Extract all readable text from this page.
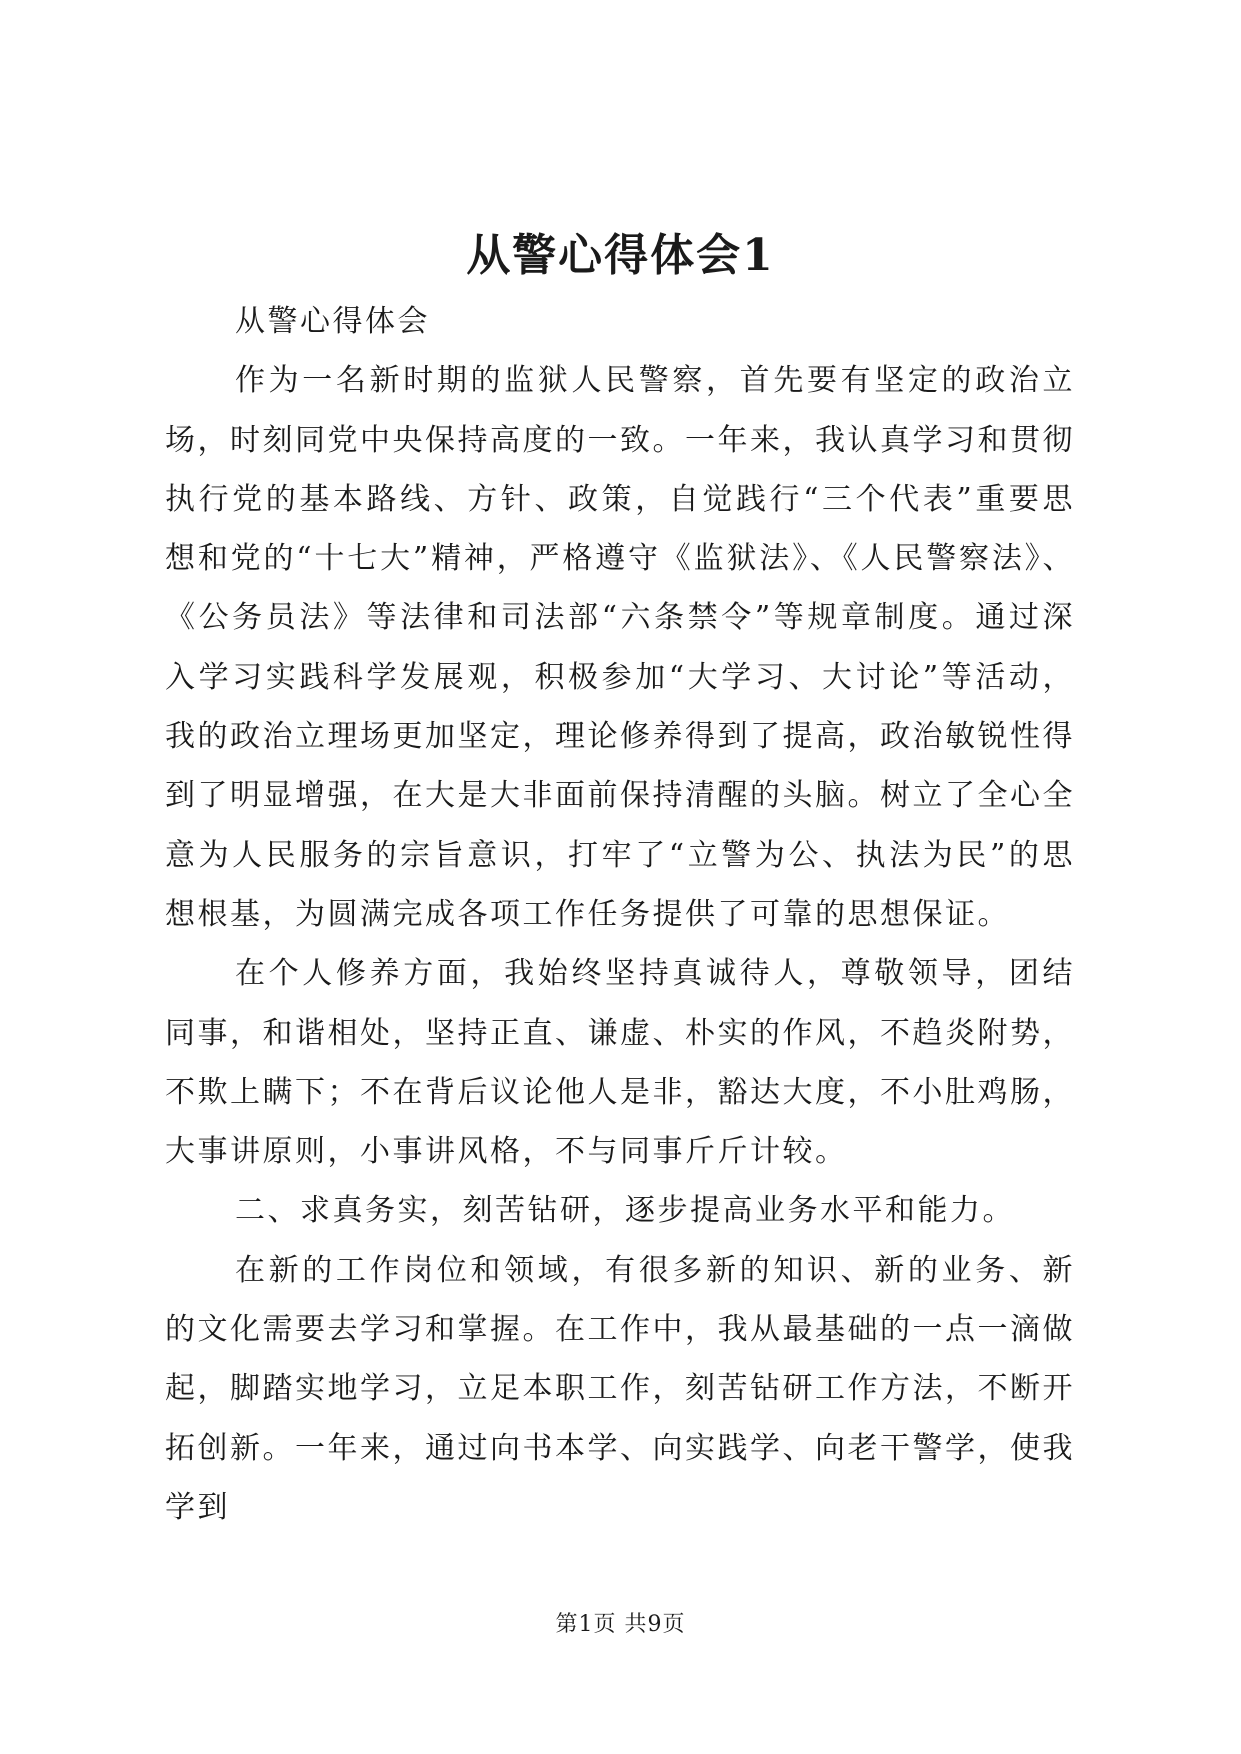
从警心得体会1

从警心得体会

作为一名新时期的监狱人民警察，首先要有坚定的政治立场，时刻同党中央保持高度的一致。一年来，我认真学习和贯彻执行党的基本路线、方针、政策，自觉践行“三个代表”重要思想和党的“十七大”精神，严格遵守《监狱法》、《人民警察法》、《公务员法》等法律和司法部“六条禁令”等规章制度。通过深入学习实践科学发展观，积极参加“大学习、大讨论”等活动，我的政治立理场更加坚定，理论修养得到了提高，政治敏锐性得到了明显增强，在大是大非面前保持清醒的头脑。树立了全心全意为人民服务的宗旨意识，打牢了“立警为公、执法为民”的思想根基，为圆满完成各项工作任务提供了可靠的思想保证。

在个人修养方面，我始终坚持真诚待人，尊敬领导，团结同事，和谐相处，坚持正直、谦虚、朴实的作风，不趋炎附势，不欺上瞒下；不在背后议论他人是非，豁达大度，不小肚鸡肠，大事讲原则，小事讲风格，不与同事斤斤计较。

二、求真务实，刻苦钻研，逐步提高业务水平和能力。

在新的工作岗位和领域，有很多新的知识、新的业务、新的文化需要去学习和掌握。在工作中，我从最基础的一点一滴做起，脚踏实地学习，立足本职工作，刻苦钻研工作方法，不断开拓创新。一年来，通过向书本学、向实践学、向老干警学，使我学到

第1页 共9页
